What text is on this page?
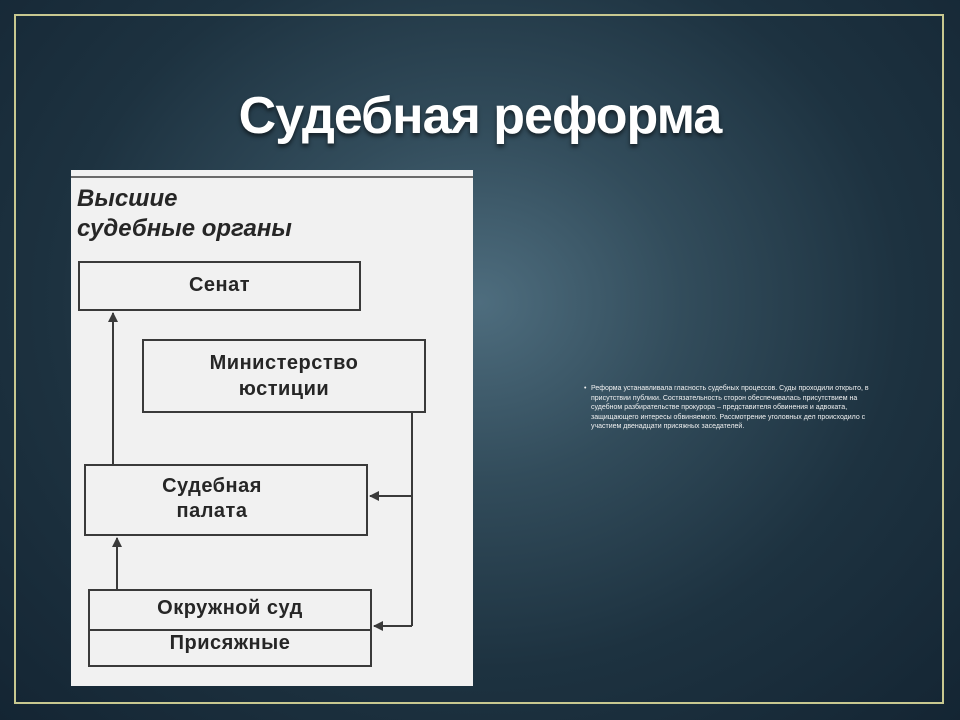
Судебная реформа
Высшие
судебные органы
Сенат
Министерство
юстиции
Судебная
палата
Окружной суд
Присяжные
• Реформа устанавливала гласность судебных процессов. Суды проходили открыто, в присутствии публики. Состязательность сторон обеспечивалась присутствием на судебном разбирательстве прокурора – представителя обвинения и адвоката, защищающего интересы обвиняемого. Рассмотрение уголовных дел происходило с участием двенадцати присяжных заседателей.
